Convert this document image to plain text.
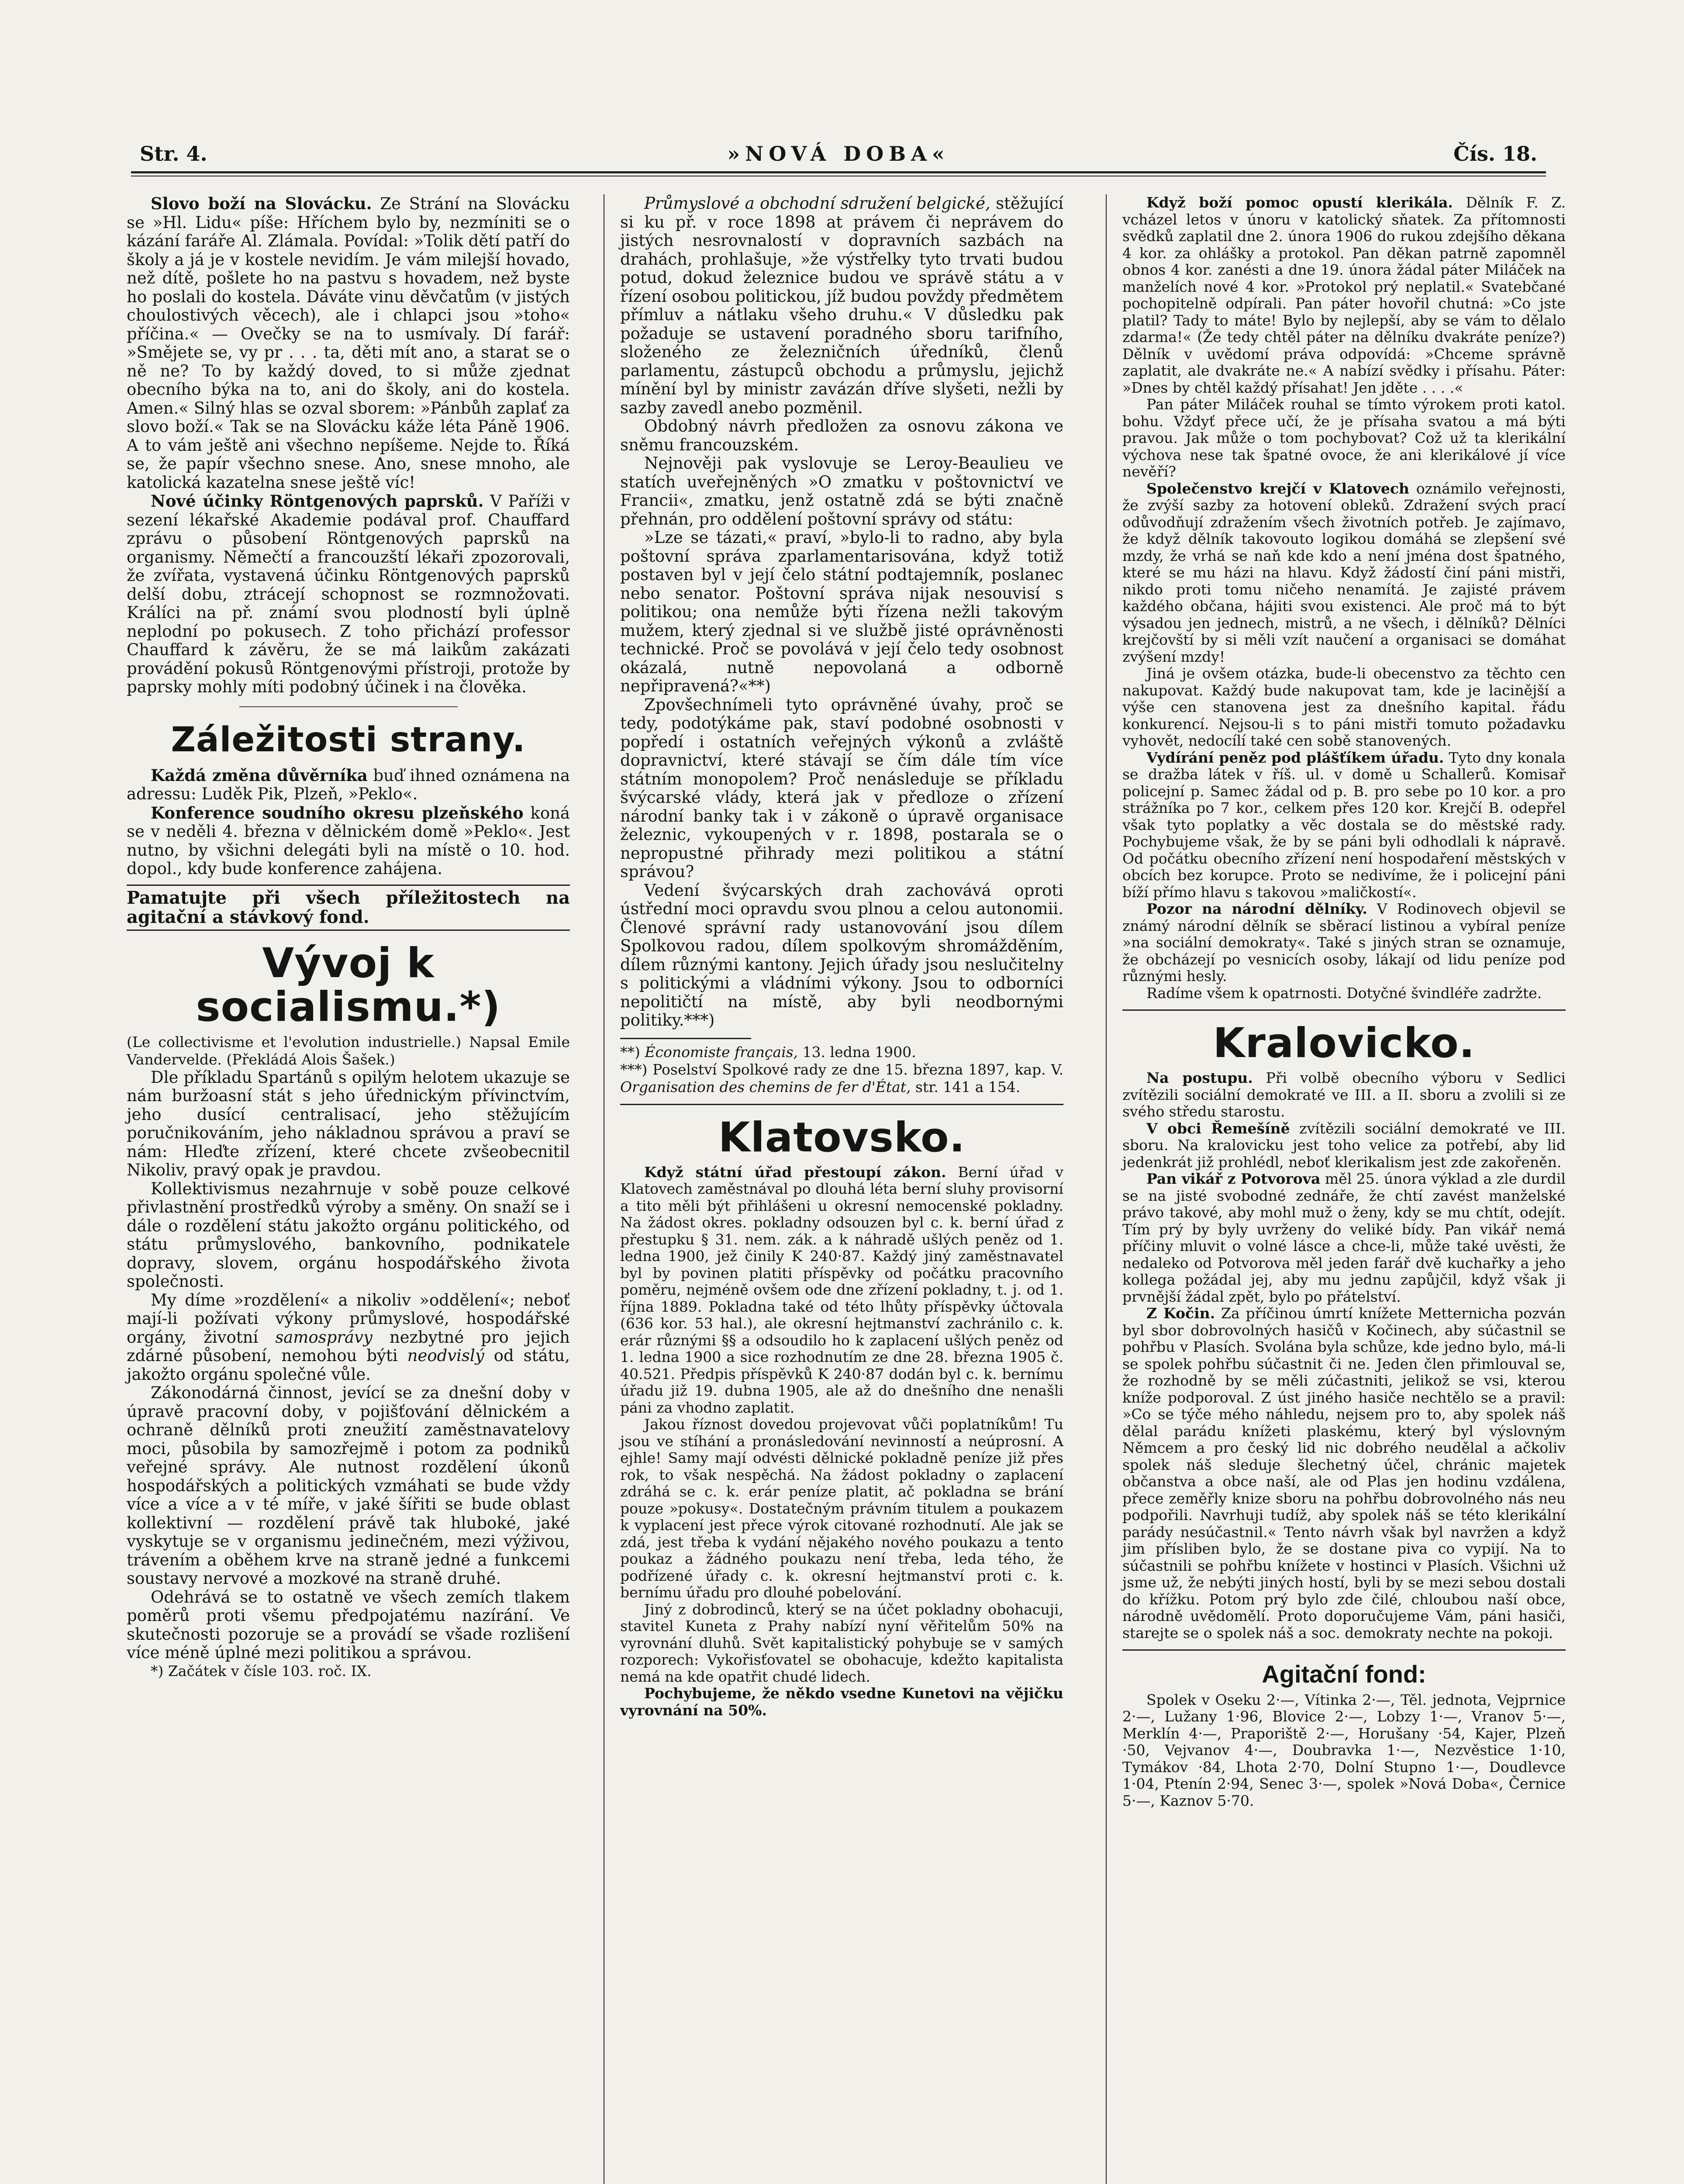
Str. 4.	»NOVÁ DOBA«	Čís. 18.

Slovo boží na Slovácku. Ze Strání na Slovácku se »Hl. Lidu« píše: Hříchem bylo by, nezmíniti se o kázání faráře Al. Zlámala. Povídal: »Tolik dětí patří do školy a já je v kostele nevidím. Je vám milejší hovado, než dítě, pošlete ho na pastvu s hovadem, než byste ho poslali do kostela. Dáváte vinu děvčatům (v jistých choulostivých věcech), ale i chlapci jsou »toho« příčina.« — Ovečky se na to usmívaly. Dí farář: »Smějete se, vy pr . . . ta, děti mít ano, a starat se o ně ne? To by každý doved, to si může zjednat obecního býka na to, ani do školy, ani do kostela. Amen.« Silný hlas se ozval sborem: »Pánbůh zaplať za slovo boží.« Tak se na Slovácku káže léta Páně 1906. A to vám ještě ani všechno nepíšeme. Nejde to. Říká se, že papír všechno snese. Ano, snese mnoho, ale katolická kazatelna snese ještě víc!

Nové účinky Röntgenových paprsků. V Paříži v sezení lékařské Akademie podával prof. Chauffard zprávu o působení Röntgenových paprsků na organismy. Němečtí a francouzští lékaři zpozorovali, že zvířata, vystavená účinku Röntgenových paprsků delší dobu, ztrácejí schopnost se rozmnožovati. Králíci na př. známí svou plodností byli úplně neplodní po pokusech. Z toho přichází professor Chauffard k závěru, že se má laikům zakázati provádění pokusů Röntgenovými přístroji, protože by paprsky mohly míti podobný účinek i na člověka.

Záležitosti strany.

Každá změna důvěrníka buď ihned oznámena na adressu: Luděk Pik, Plzeň, »Peklo«.

Konference soudního okresu plzeňského koná se v neděli 4. března v dělnickém domě »Peklo«. Jest nutno, by všichni delegáti byli na místě o 10. hod. dopol., kdy bude konference zahájena.

Pamatujte při všech příležitostech na agitační a stávkový fond.
Vývoj k socialismu.*)

(Le collectivisme et l'evolution industrielle.) Napsal Emile Vandervelde. (Překládá Alois Šašek.)

Dle příkladu Spartánů s opilým helotem ukazuje se nám buržoasní stát s jeho úřednickým přívinctvím, jeho dusící centralisací, jeho stěžujícím poručnikováním, jeho nákladnou správou a praví se nám: Hleďte zřízení, které chcete zvšeobecnitil Nikoliv, pravý opak je pravdou.

Kollektivismus nezahrnuje v sobě pouze celkové přivlastnění prostředků výroby a směny. On snaží se i dále o rozdělení státu jakožto orgánu politického, od státu průmyslového, bankovního, podnikatele dopravy, slovem, orgánu hospodářského života společnosti.

My díme »rozdělení« a nikoliv »oddělení«; neboť mají-li požívati výkony průmyslové, hospodářské orgány, životní samosprávy nezbytné pro jejich zdárné působení, nemohou býti neodvislý od státu, jakožto orgánu společné vůle.

Zákonodárná činnost, jevící se za dnešní doby v úpravě pracovní doby, v pojišťování dělnickém a ochraně dělníků proti zneužití zaměstnavatelovy moci, působila by samozřejmě i potom za podniků veřejné správy. Ale nutnost rozdělení úkonů hospodářských a politických vzmáhati se bude vždy více a více a v té míře, v jaké šířiti se bude oblast kollektivní — rozdělení právě tak hluboké, jaké vyskytuje se v organismu jedinečném, mezi výživou, trávením a oběhem krve na straně jedné a funkcemi soustavy nervové a mozkové na straně druhé.

Odehrává se to ostatně ve všech zemích tlakem poměrů proti všemu předpojatému nazírání. Ve skutečnosti pozoruje se a provádí se všade rozlišení více méně úplné mezi politikou a správou.

*) Začátek v čísle 103. roč. IX.

Průmyslové a obchodní sdružení belgické, stěžující si ku př. v roce 1898 at právem či neprávem do jistých nesrovnalostí v dopravních sazbách na drahách, prohlašuje, »že výstřelky tyto trvati budou potud, dokud železnice budou ve správě státu a v řízení osobou politickou, jíž budou povždy předmětem přímluv a nátlaku všeho druhu.« V důsledku pak požaduje se ustavení poradného sboru tarifního, složeného ze železničních úředníků, členů parlamentu, zástupců obchodu a průmyslu, jejichž mínění byl by ministr zavázán dříve slyšeti, nežli by sazby zavedl anebo pozměnil.

Obdobný návrh předložen za osnovu zákona ve sněmu francouzském.

Nejnověji pak vyslovuje se Leroy-Beaulieu ve statích uveřejněných »O zmatku v poštovnictví ve Francii«, zmatku, jenž ostatně zdá se býti značně přehnán, pro oddělení poštovní správy od státu:

»Lze se tázati,« praví, »bylo-li to radno, aby byla poštovní správa zparlamentarisována, když totiž postaven byl v její čelo státní podtajemník, poslanec nebo senator. Poštovní správa nijak nesouvisí s politikou; ona nemůže býti řízena nežli takovým mužem, který zjednal si ve službě jisté oprávněnosti technické. Proč se povolává v její čelo tedy osobnost okázalá, nutně nepovolaná a odborně nepřipravená?«**)

Zpovšechnímeli tyto oprávněné úvahy, proč se tedy, podotýkáme pak, staví podobné osobnosti v popředí i ostatních veřejných výkonů a zvláště dopravnictví, které stávají se čím dále tím více státním monopolem? Proč nenásleduje se příkladu švýcarské vlády, která jak v předloze o zřízení národní banky tak i v zákoně o úpravě organisace železnic, vykoupených v r. 1898, postarala se o nepropustné přihrady mezi politikou a státní správou?

Vedení švýcarských drah zachovává oproti ústřední moci opravdu svou plnou a celou autonomii. Členové správní rady ustanovování jsou dílem Spolkovou radou, dílem spolkovým shromážděním, dílem různými kantony. Jejich úřady jsou neslučitelny s politickými a vládními výkony. Jsou to odborníci nepolitičtí na místě, aby byli neodbornými politiky.***)

**) Économiste français, 13. ledna 1900.

***) Poselství Spolkové rady ze dne 15. března 1897, kap. V. Organisation des chemins de fer d'État, str. 141 a 154.

Klatovsko.

Když státní úřad přestoupí zákon. Berní úřad v Klatovech zaměstnával po dlouhá léta berní sluhy provisorní a tito měli být přihlášeni u okresní nemocenské pokladny. Na žádost okres. pokladny odsouzen byl c. k. berní úřad z přestupku § 31. nem. zák. a k náhradě ušlých peněz od 1. ledna 1900, jež činily K 240·87. Každý jiný zaměstnavatel byl by povinen platiti příspěvky od počátku pracovního poměru, nejméně ovšem ode dne zřízení pokladny, t. j. od 1. října 1889. Pokladna také od této lhůty příspěvky účtovala (636 kor. 53 hal.), ale okresní hejtmanství zachránilo c. k. erár různými §§ a odsoudilo ho k zaplacení ušlých peněz od 1. ledna 1900 a sice rozhodnutím ze dne 28. března 1905 č. 40.521. Předpis příspěvků K 240·87 dodán byl c. k. bernímu úřadu již 19. dubna 1905, ale až do dnešního dne nenašli páni za vhodno zaplatit.

Jakou říznost dovedou projevovat vůči poplatníkům! Tu jsou ve stíhání a pronásledování nevinností a neúprosní. A ejhle! Samy mají odvésti dělnické pokladně peníze již přes rok, to však nespěchá. Na žádost pokladny o zaplacení zdráhá se c. k. erár peníze platit, ač pokladna se brání pouze »pokusy«. Dostatečným právním titulem a poukazem k vyplacení jest přece výrok citované rozhodnutí. Ale jak se zdá, jest třeba k vydání nějakého nového poukazu a tento poukaz a žádného poukazu není třeba, leda tého, že podřízené úřady c. k. okresní hejtmanství proti c. k. bernímu úřadu pro dlouhé pobelování.

Jiný z dobrodinců, který se na účet pokladny obohacuji, stavitel Kuneta z Prahy nabízí nyní věřitelům 50% na vyrovnání dluhů. Svět kapitalistický pohybuje se v samých rozporech: Vykořisťovatel se obohacuje, kdežto kapitalista nemá na kde opatřit chudé lidech.

Pochybujeme, že někdo vsedne Kunetovi na vějičku vyrovnání na 50%.

Když boží pomoc opustí klerikála. Dělník F. Z. vcházel letos v únoru v katolický sňatek. Za přítomnosti svědků zaplatil dne 2. února 1906 do rukou zdejšího děkana 4 kor. za ohlášky a protokol. Pan děkan patrně zapomněl obnos 4 kor. zanésti a dne 19. února žádal páter Miláček na manželích nové 4 kor. »Protokol prý neplatil.« Svatebčané pochopitelně odpírali. Pan páter hovořil chutná: »Co jste platil? Tady to máte! Bylo by nejlepší, aby se vám to dělalo zdarma!« (Že tedy chtěl páter na dělníku dvakráte peníze?) Dělník v uvědomí práva odpovídá: »Chceme správně zaplatit, ale dvakráte ne.« A nabízí svědky i přísahu. Páter: »Dnes by chtěl každý přísahat! Jen jděte . . . .«

Pan páter Miláček rouhal se tímto výrokem proti katol. bohu. Vždyť přece učí, že je přísaha svatou a má býti pravou. Jak může o tom pochybovat? Což už ta klerikální výchova nese tak špatné ovoce, že ani klerikálové jí více nevěří?

Společenstvo krejčí v Klatovech oznámilo veřejnosti, že zvýší sazby za hotovení obleků. Zdražení svých prací odůvodňují zdražením všech životních potřeb. Je zajímavo, že když dělník takovouto logikou domáhá se zlepšení své mzdy, že vrhá se naň kde kdo a není jména dost špatného, které se mu házi na hlavu. Když žádostí činí páni mistři, nikdo proti tomu ničeho nenamítá. Je zajisté právem každého občana, hájiti svou existenci. Ale proč má to být výsadou jen jednech, mistrů, a ne všech, i dělníků? Dělníci krejčovští by si měli vzít naučení a organisaci se domáhat zvýšení mzdy!

Jiná je ovšem otázka, bude-li obecenstvo za těchto cen nakupovat. Každý bude nakupovat tam, kde je lacinější a výše cen stanovena jest za dnešního kapital. řádu konkurencí. Nejsou-li s to páni mistři tomuto požadavku vyhovět, nedocílí také cen sobě stanovených.

Vydírání peněz pod plášťíkem úřadu. Tyto dny konala se dražba látek v říš. ul. v domě u Schallerů. Komisař policejní p. Samec žádal od p. B. pro sebe po 10 kor. a pro strážníka po 7 kor., celkem přes 120 kor. Krejčí B. odepřel však tyto poplatky a věc dostala se do městské rady. Pochybujeme však, že by se páni byli odhodlali k nápravě. Od počátku obecního zřízení není hospodaření městských v obcích bez korupce. Proto se nedivíme, že i policejní páni bíží přímo hlavu s takovou »maličkostí«.

Pozor na národní dělníky. V Rodinovech objevil se známý národní dělník se sběrací listinou a vybíral peníze »na sociální demokraty«. Také s jiných stran se oznamuje, že obcházejí po vesnicích osoby, lákají od lidu peníze pod různými hesly.

Radíme všem k opatrnosti. Dotyčné švindléře zadržte.

Kralovicko.

Na postupu. Při volbě obecního výboru v Sedlici zvítězili sociální demokraté ve III. a II. sboru a zvolili si ze svého středu starostu.

V obci Řemešíně zvítězili sociální demokraté ve III. sboru. Na kralovicku jest toho velice za potřebí, aby lid jedenkrát již prohlédl, neboť klerikalism jest zde zakořeněn.

Pan vikář z Potvorova měl 25. února výklad a zle durdil se na jisté svobodné zednáře, že chtí zavést manželské právo takové, aby mohl muž o ženy, kdy se mu chtít, odejít. Tím prý by byly uvrženy do veliké bídy. Pan vikář nemá příčiny mluvit o volné lásce a chce-li, může také uvěsti, že nedaleko od Potvorova měl jeden farář dvě kuchařky a jeho kollega požádal jej, aby mu jednu zapůjčil, když však ji prvnější žádal zpět, bylo po přátelství.

Z Kočin. Za příčinou úmrtí knížete Metternicha pozván byl sbor dobrovolných hasičů v Kočinech, aby súčastnil se pohřbu v Plasích. Svolána byla schůze, kde jedno bylo, má-li se spolek pohřbu súčastnit či ne. Jeden člen přimlouval se, že rozhodně by se měli zúčastniti, jelikož se vsi, kterou kníže podporoval. Z úst jiného hasiče nechtělo se a pravil: »Co se týče mého náhledu, nejsem pro to, aby spolek náš dělal parádu knížeti plaskému, který byl výslovným Němcem a pro český lid nic dobrého neudělal a ačkoliv spolek náš sleduje šlechetný účel, chránic majetek občanstva a obce naší, ale od Plas jen hodinu vzdálena, přece zeměřly knize sboru na pohřbu dobrovolného nás neu podpořili. Navrhuji tudíž, aby spolek náš se této klerikální parády nesúčastnil.« Tento návrh však byl navržen a když jim přísliben bylo, že se dostane piva co vypijí. Na to súčastnili se pohřbu knížete v hostinci v Plasích. Všichni už jsme už, že nebýti jiných hostí, byli by se mezi sebou dostali do křížku. Potom prý bylo zde čilé, chloubou naší obce, národně uvědomělí. Proto doporučujeme Vám, páni hasiči, starejte se o spolek náš a soc. demokraty nechte na pokoji.

Agitační fond:

Spolek v Oseku 2·—, Vítinka 2·—, Těl. jednota, Vejprnice 2·—, Lužany 1·96, Blovice 2·—, Lobzy 1·—, Vranov 5·—, Merklín 4·—, Praporiště 2·—, Horušany ·54, Kajer, Plzeň ·50, Vejvanov 4·—, Doubravka 1·—, Nezvěstice 1·10, Tymákov ·84, Lhota 2·70, Dolní Stupno 1·—, Doudlevce 1·04, Ptenín 2·94, Senec 3·—, spolek »Nová Doba«, Černice 5·—, Kaznov 5·70.
